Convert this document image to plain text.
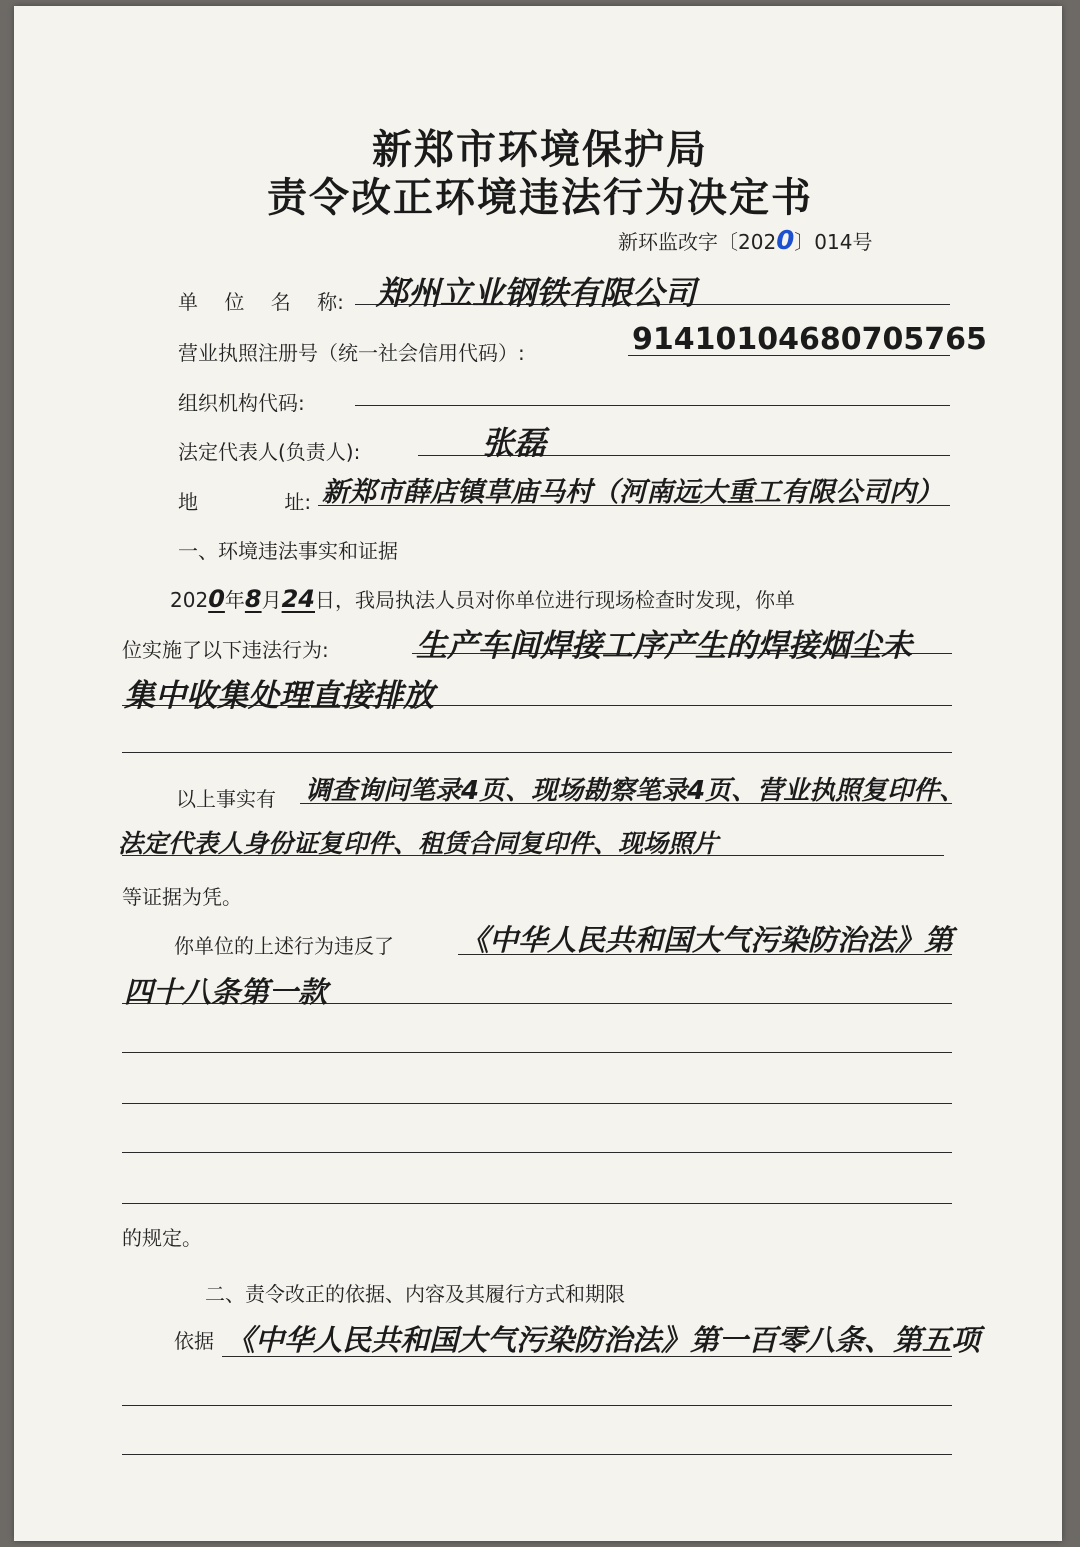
新郑市环境保护局
责令改正环境违法行为决定书
新环监改字〔2020〕014号
单 位 名 称: 郑州立业钢铁有限公司
营业执照注册号（统一社会信用代码）:	91410104680705765
组织机构代码:
法定代表人(负责人):	张磊
地 址: 新郑市薛店镇草庙马村（河南远大重工有限公司内）
一、环境违法事实和证据
2020年8月24日，我局执法人员对你单位进行现场检查时发现，你单
位实施了以下违法行为:	生产车间焊接工序产生的焊接烟尘未
集中收集处理直接排放
以上事实有 调查询问笔录4页、现场勘察笔录4页、营业执照复印件、
法定代表人身份证复印件、租赁合同复印件、现场照片
等证据为凭。
你单位的上述行为违反了 《中华人民共和国大气污染防治法》第
四十八条第一款
的规定。
二、责令改正的依据、内容及其履行方式和期限
依据 《中华人民共和国大气污染防治法》第一百零八条、第五项
